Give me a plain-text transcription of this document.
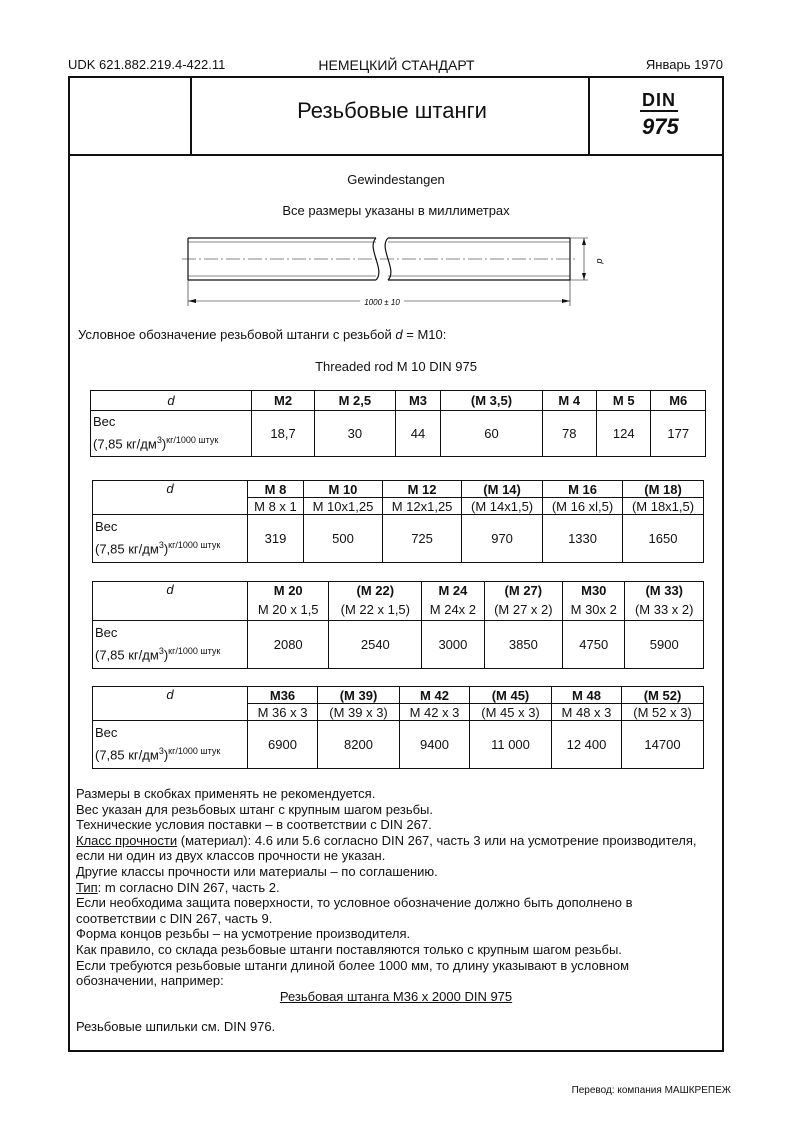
UDK 621.882.219.4-422.11	НЕМЕЦКИЙ СТАНДАРТ	Январь 1970
Резьбовые штанги	DIN
975
Gewindestangen
Все размеры указаны в миллиметрах
1000 ± 10
d
Условное обозначение резьбовой штанги с резьбой d = M10:
Threaded rod M 10 DIN 975
d	M2	M 2,5	M3	(M 3,5)	M 4	M 5	M6
Вес
(7,85 $кг/дм^3)^{кг/1000 штук}$	18,7	30	44	60	78	124	177
d	M 8	M 10	M 12	(M 14)	M 16	(M 18)
	M 8 x 1	M 10x1,25	M 12x1,25	(M 14x1,5)	(M 16 xl,5)	(M 18x1,5)
Вес
(7,85 $кг/дм^3)^{кг/1000 штук}$	319	500	725	970	1330	1650
d	M 20	(M 22)	M 24	(M 27)	M30	(M 33)
	M 20 x 1,5	(M 22 x 1,5)	M 24x 2	(M 27 x 2)	M 30x 2	(M 33 x 2)
Вес
(7,85 $кг/дм^3)^{кг/1000 штук}$	2080	2540	3000	3850	4750	5900
d	M36	(M 39)	M 42	(M 45)	M 48	(M 52)
	M 36 x 3	(M 39 x 3)	M 42 x 3	(M 45 x 3)	M 48 x 3	(M 52 x 3)
Вес
(7,85 $кг/дм^3)^{кг/1000 штук}$	6900	8200	9400	11 000	12 400	14700
Размеры в скобках применять не рекомендуется.
Вес указан для резьбовых штанг с крупным шагом резьбы.
Технические условия поставки – в соответствии с DIN 267.
Класс прочности (материал): 4.6 или 5.6 согласно DIN 267, часть 3 или на усмотрение производителя,
если ни один из двух классов прочности не указан.
Другие классы прочности или материалы – по соглашению.
Тип: m согласно DIN 267, часть 2.
Если необходима защита поверхности, то условное обозначение должно быть дополнено в
соответствии с DIN 267, часть 9.
Форма концов резьбы – на усмотрение производителя.
Как правило, со склада резьбовые штанги поставляются только с крупным шагом резьбы.
Если требуются резьбовые штанги длиной более 1000 мм, то длину указывают в условном
обозначении, например:
Резьбовая штанга M36 x 2000 DIN 975
Резьбовые шпильки см. DIN 976.
Перевод: компания МАШКРЕПЕЖ
